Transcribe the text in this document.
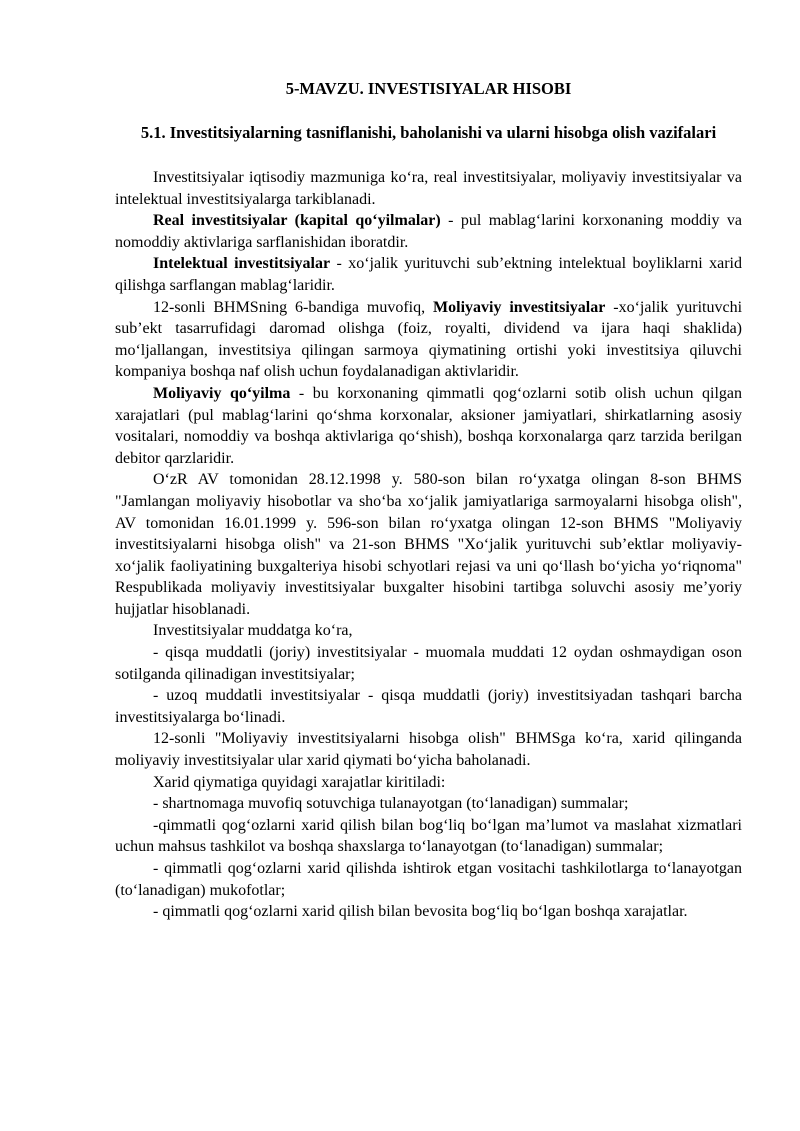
5-MAVZU. INVESTISIYALAR HISOBI
5.1. Investitsiyalarning tasniflanishi, baholanishi va ularni hisobga olish vazifalari

Investitsiyalar iqtisodiy mazmuniga ko‘ra, real investitsiyalar, moliyaviy investitsiyalar va intelektual investitsiyalarga tarkiblanadi.

Real investitsiyalar (kapital qo‘yilmalar) - pul mablag‘larini korxonaning moddiy va nomoddiy aktivlariga sarflanishidan iboratdir.

Intelektual investitsiyalar - xo‘jalik yurituvchi sub’ektning intelektual boyliklarni xarid qilishga sarflangan mablag‘laridir.

12-sonli BHMSning 6-bandiga muvofiq, Moliyaviy investitsiyalar -xo‘jalik yurituvchi sub’ekt tasarrufidagi daromad olishga (foiz, royalti, dividend va ijara haqi shaklida) mo‘ljallangan, investitsiya qilingan sarmoya qiymatining ortishi yoki investitsiya qiluvchi kompaniya boshqa naf olish uchun foydalanadigan aktivlaridir.

Moliyaviy qo‘yilma - bu korxonaning qimmatli qog‘ozlarni sotib olish uchun qilgan xarajatlari (pul mablag‘larini qo‘shma korxonalar, aksioner jamiyatlari, shirkatlarning asosiy vositalari, nomoddiy va boshqa aktivlariga qo‘shish), boshqa korxonalarga qarz tarzida berilgan debitor qarzlaridir.

O‘zR AV tomonidan 28.12.1998 y. 580-son bilan ro‘yxatga olingan 8-son BHMS "Jamlangan moliyaviy hisobotlar va sho‘ba xo‘jalik jamiyatlariga sarmoyalarni hisobga olish", AV tomonidan 16.01.1999 y. 596-son bilan ro‘yxatga olingan 12-son BHMS "Moliyaviy investitsiyalarni hisobga olish" va 21-son BHMS "Xo‘jalik yurituvchi sub’ektlar moliyaviy-xo‘jalik faoliyatining buxgalteriya hisobi schyotlari rejasi va uni qo‘llash bo‘yicha yo‘riqnoma" Respublikada moliyaviy investitsiyalar buxgalter hisobini tartibga soluvchi asosiy me’yoriy hujjatlar hisoblanadi.

Investitsiyalar muddatga ko‘ra,

- qisqa muddatli (joriy) investitsiyalar - muomala muddati 12 oydan oshmaydigan oson sotilganda qilinadigan investitsiyalar;

- uzoq muddatli investitsiyalar - qisqa muddatli (joriy) investitsiyadan tashqari barcha investitsiyalarga bo‘linadi.

12-sonli "Moliyaviy investitsiyalarni hisobga olish" BHMSga ko‘ra, xarid qilinganda moliyaviy investitsiyalar ular xarid qiymati bo‘yicha baholanadi.

Xarid qiymatiga quyidagi xarajatlar kiritiladi:

- shartnomaga muvofiq sotuvchiga tulanayotgan (to‘lanadigan) summalar;

-qimmatli qog‘ozlarni xarid qilish bilan bog‘liq bo‘lgan ma’lumot va maslahat xizmatlari uchun mahsus tashkilot va boshqa shaxslarga to‘lanayotgan (to‘lanadigan) summalar;

- qimmatli qog‘ozlarni xarid qilishda ishtirok etgan vositachi tashkilotlarga to‘lanayotgan (to‘lanadigan) mukofotlar;

- qimmatli qog‘ozlarni xarid qilish bilan bevosita bog‘liq bo‘lgan boshqa xarajatlar.
